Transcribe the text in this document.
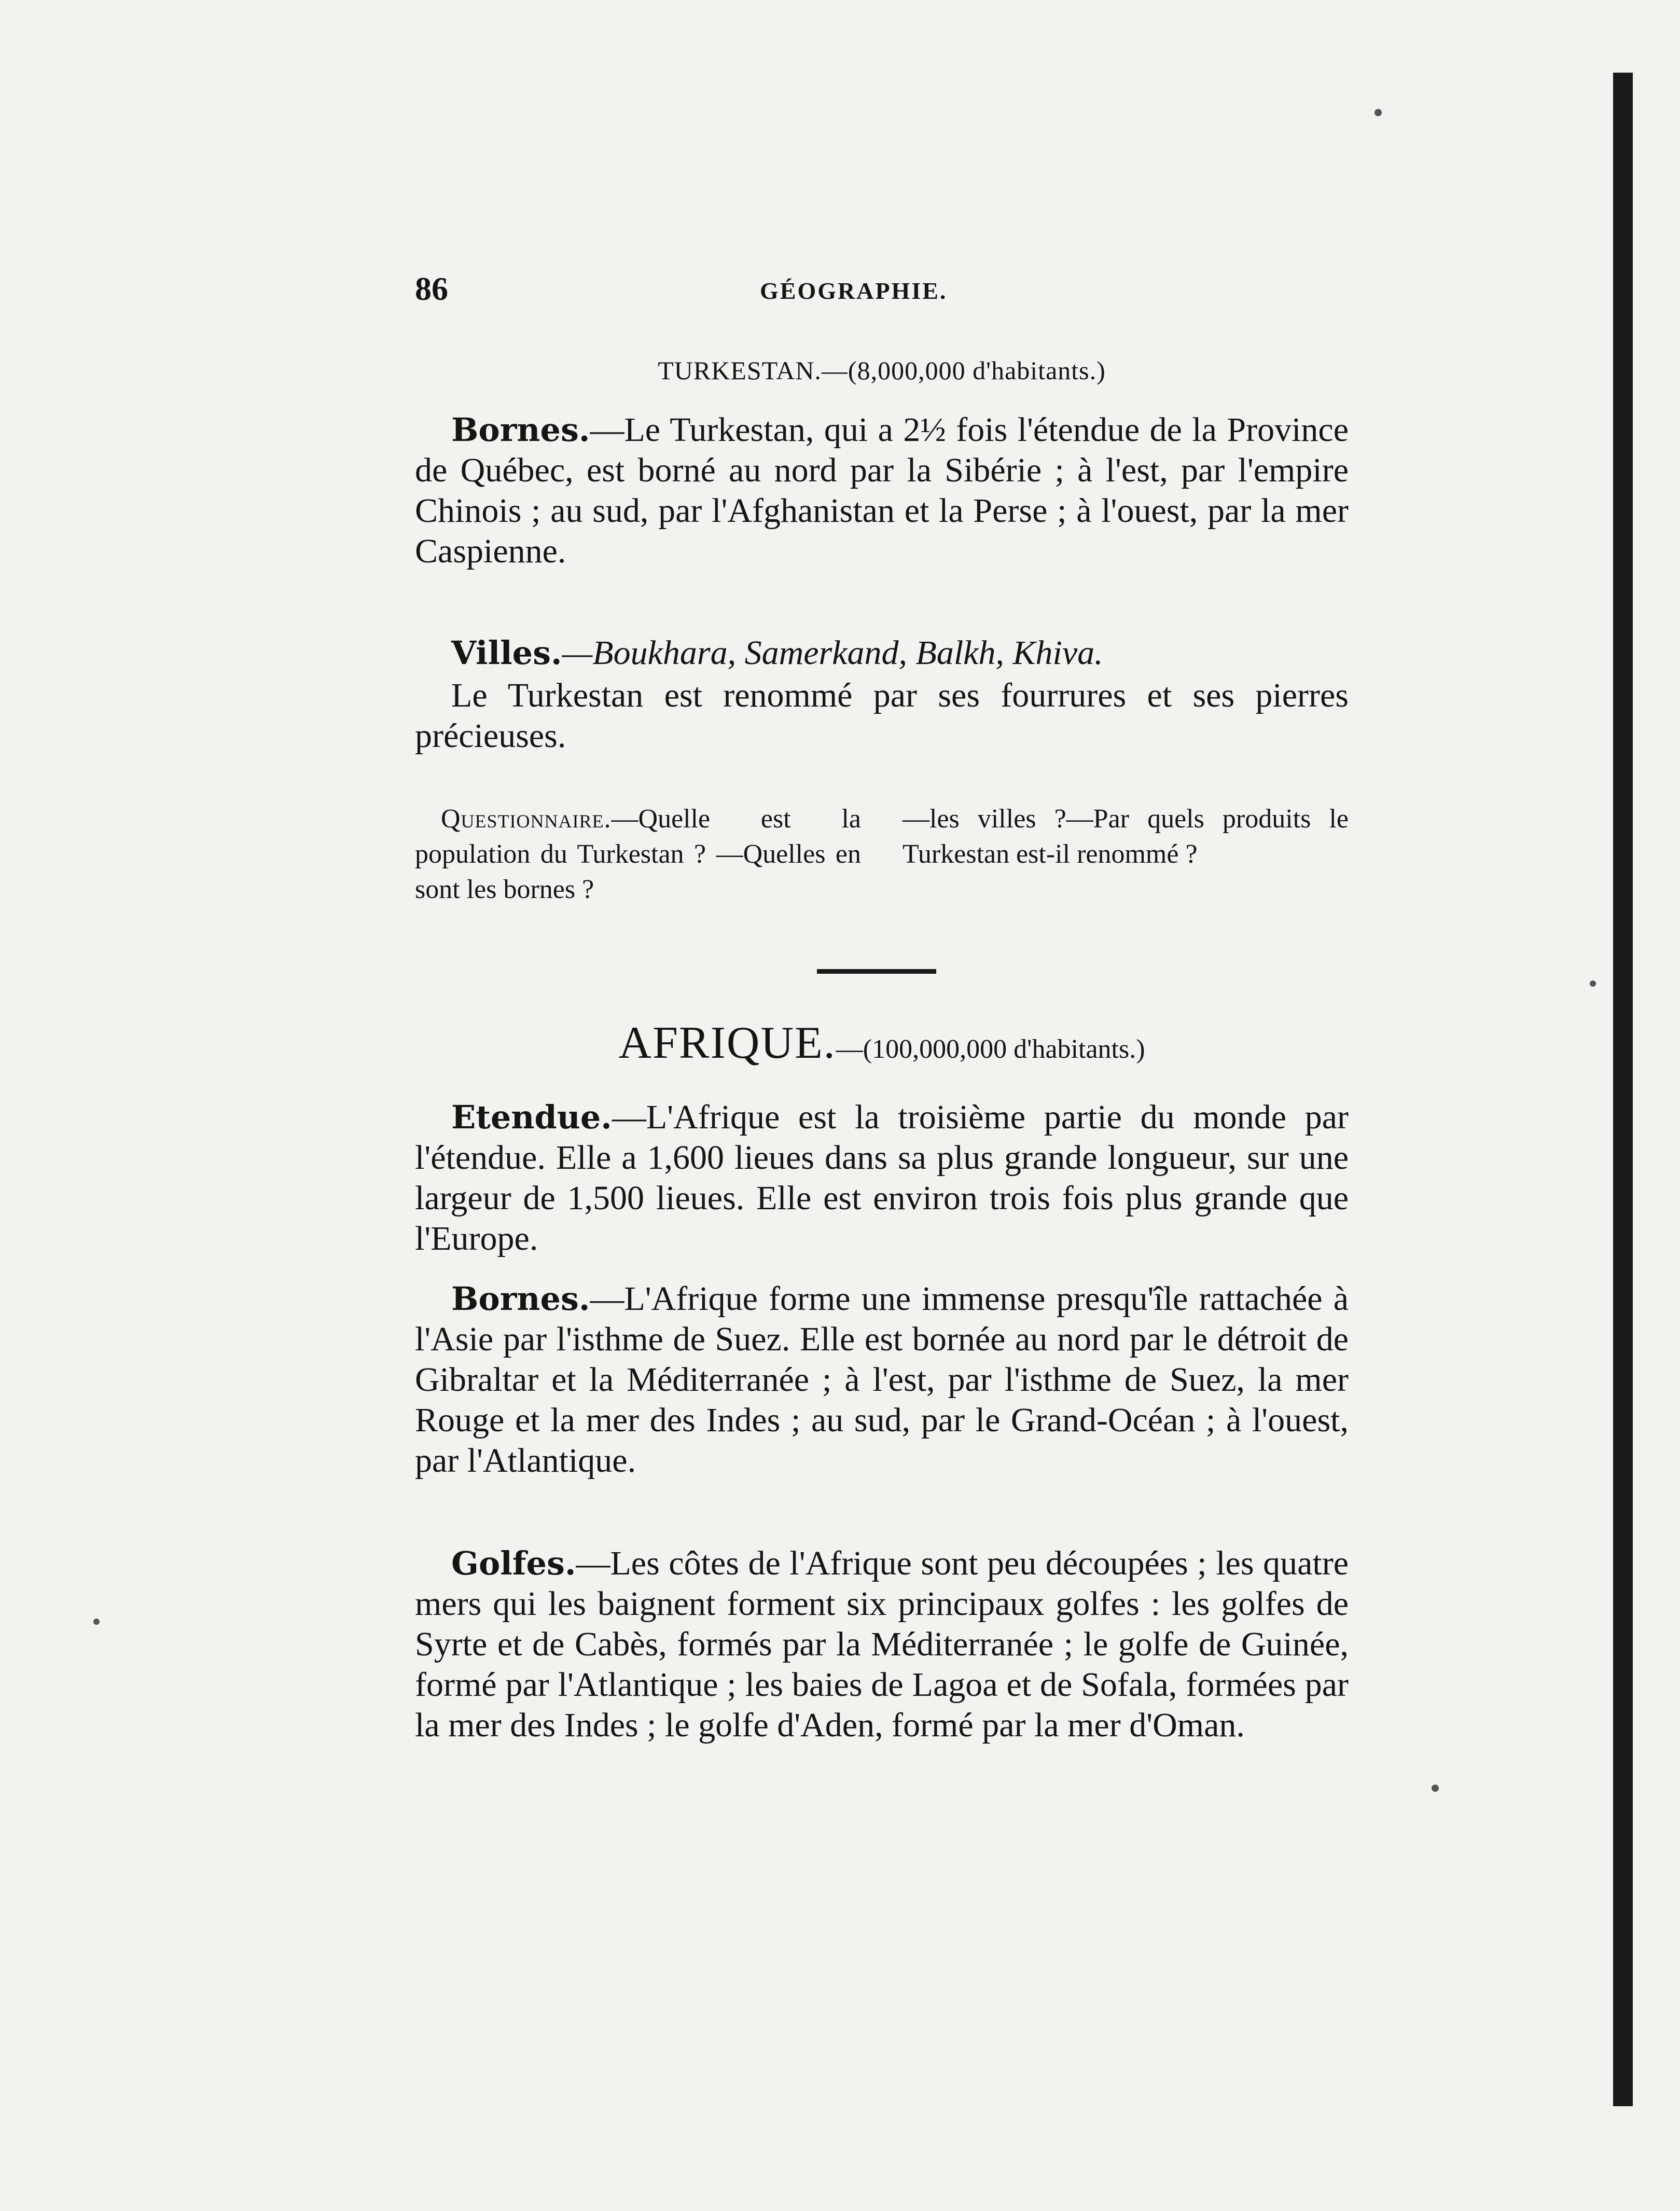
86	GÉOGRAPHIE.
TURKESTAN.—(8,000,000 d'habitants.)

Bornes.—Le Turkestan, qui a 2½ fois l'étendue de la Province de Québec, est borné au nord par la Sibérie ; à l'est, par l'empire Chinois ; au sud, par l'Afghanistan et la Perse ; à l'ouest, par la mer Caspienne.

Villes.—Boukhara, Samerkand, Balkh, Khiva.

Le Turkestan est renommé par ses fourrures et ses pierres précieuses.

Questionnaire.—Quelle est la population du Turkestan ? —Quelles en sont les bornes ?
—les villes ?—Par quels produits le Turkestan est-il renommé ?
AFRIQUE.—(100,000,000 d'habitants.)

Etendue.—L'Afrique est la troisième partie du monde par l'étendue. Elle a 1,600 lieues dans sa plus grande longueur, sur une largeur de 1,500 lieues. Elle est environ trois fois plus grande que l'Europe.

Bornes.—L'Afrique forme une immense presqu'île rattachée à l'Asie par l'isthme de Suez. Elle est bornée au nord par le détroit de Gibraltar et la Méditerranée ; à l'est, par l'isthme de Suez, la mer Rouge et la mer des Indes ; au sud, par le Grand-Océan ; à l'ouest, par l'Atlantique.

Golfes.—Les côtes de l'Afrique sont peu découpées ; les quatre mers qui les baignent forment six principaux golfes : les golfes de Syrte et de Cabès, formés par la Méditerranée ; le golfe de Guinée, formé par l'Atlantique ; les baies de Lagoa et de Sofala, formées par la mer des Indes ; le golfe d'Aden, formé par la mer d'Oman.
